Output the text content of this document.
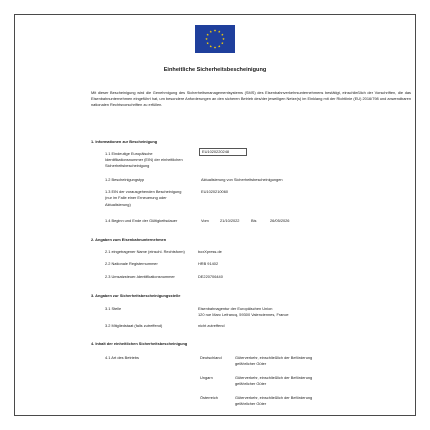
Einheitliche Sicherheitsbescheinigung
Mit dieser Bescheinigung wird die Genehmigung des Sicherheitsmanagementsystems (SMS) des Eisenbahnverkehrsunternehmens bestätigt, einschließlich der Vorschriften, die das Eisenbahnunternehmen eingeführt hat, um besondere Anforderungen an den sicheren Betrieb des/der jeweiligen Netze(s) im Einklang mit der Richtlinie (EU) 2016/798 und anwendbaren nationalen Rechtsvorschriften zu erfüllen.
1. Informationen zur Bescheinigung
1.1 Eindeutige Europäische
Identifikationsnummer (EIN) der einheitlichen
Sicherheitsbescheinigung
EU1020220248
1.2 Bescheinigungstyp	Aktualisierung von Sicherheitsbescheinigungen
1.3 EIN der vorausgehenden Bescheinigung
(nur im Falle einer Erneuerung oder
Aktualisierung)
EU1020210060
1.4 Beginn und Ende der Gültigkeitsdauer	Vom	21/10/2022	Bis	26/05/2026
2. Angaben zum Eisenbahnunternehmen
2.1 eingetragener Name (einschl. Rechtsform)	boxXpress.de
2.2 Nationale Registernummer	HRB 91402
2.3 Umsatzsteuer-Identifikationsnummer	DE220706440
3. Angaben zur Sicherheitsbescheinigungsstelle
3.1 Stelle	Eisenbahnagentur der Europäischen Union
120 rue Marc Lefrancq, 59300 Valenciennes, France
3.2 Mitgliedstaat (falls zutreffend)	nicht zutreffend
4. Inhalt der einheitlichen Sicherheitsbescheinigung
4.1 Art des Betriebs	Deutschland	Güterverkehr, einschließlich der Beförderung
gefährlicher Güter
Ungarn	Güterverkehr, einschließlich der Beförderung
gefährlicher Güter
Österreich	Güterverkehr, einschließlich der Beförderung
gefährlicher Güter
